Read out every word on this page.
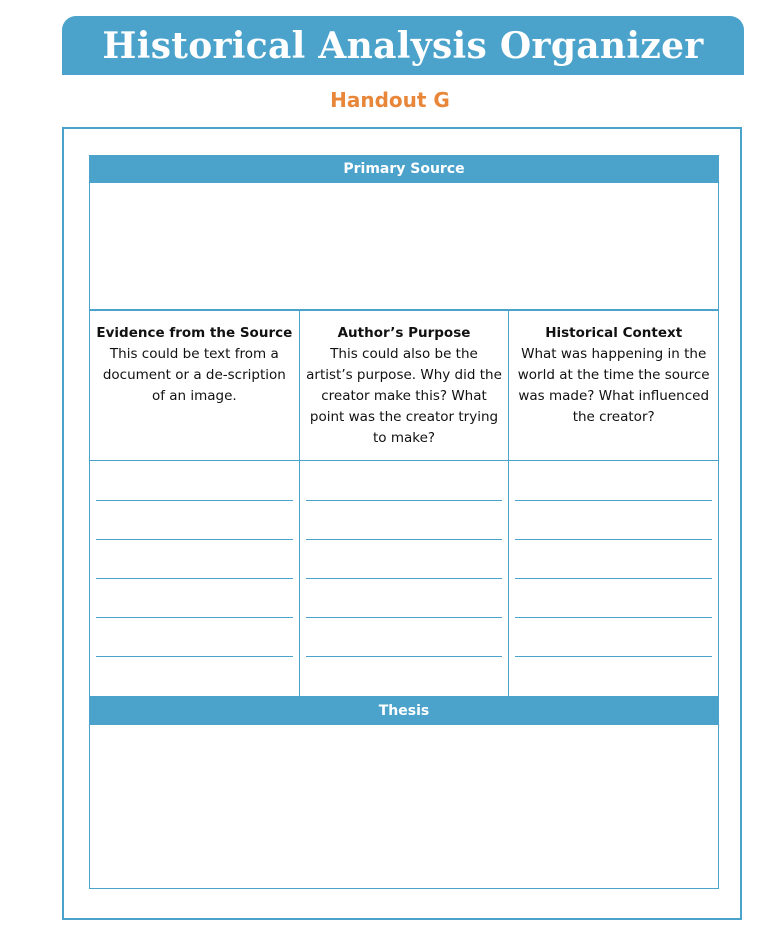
Historical Analysis Organizer
Handout G
Primary Source
Evidence from the Source
This could be text from a document or a de-scription of an image.
Author’s Purpose
This could also be the artist’s purpose. Why did the creator make this? What point was the creator trying to make?
Historical Context
What was happening in the world at the time the source was made? What influenced the creator?
Thesis
